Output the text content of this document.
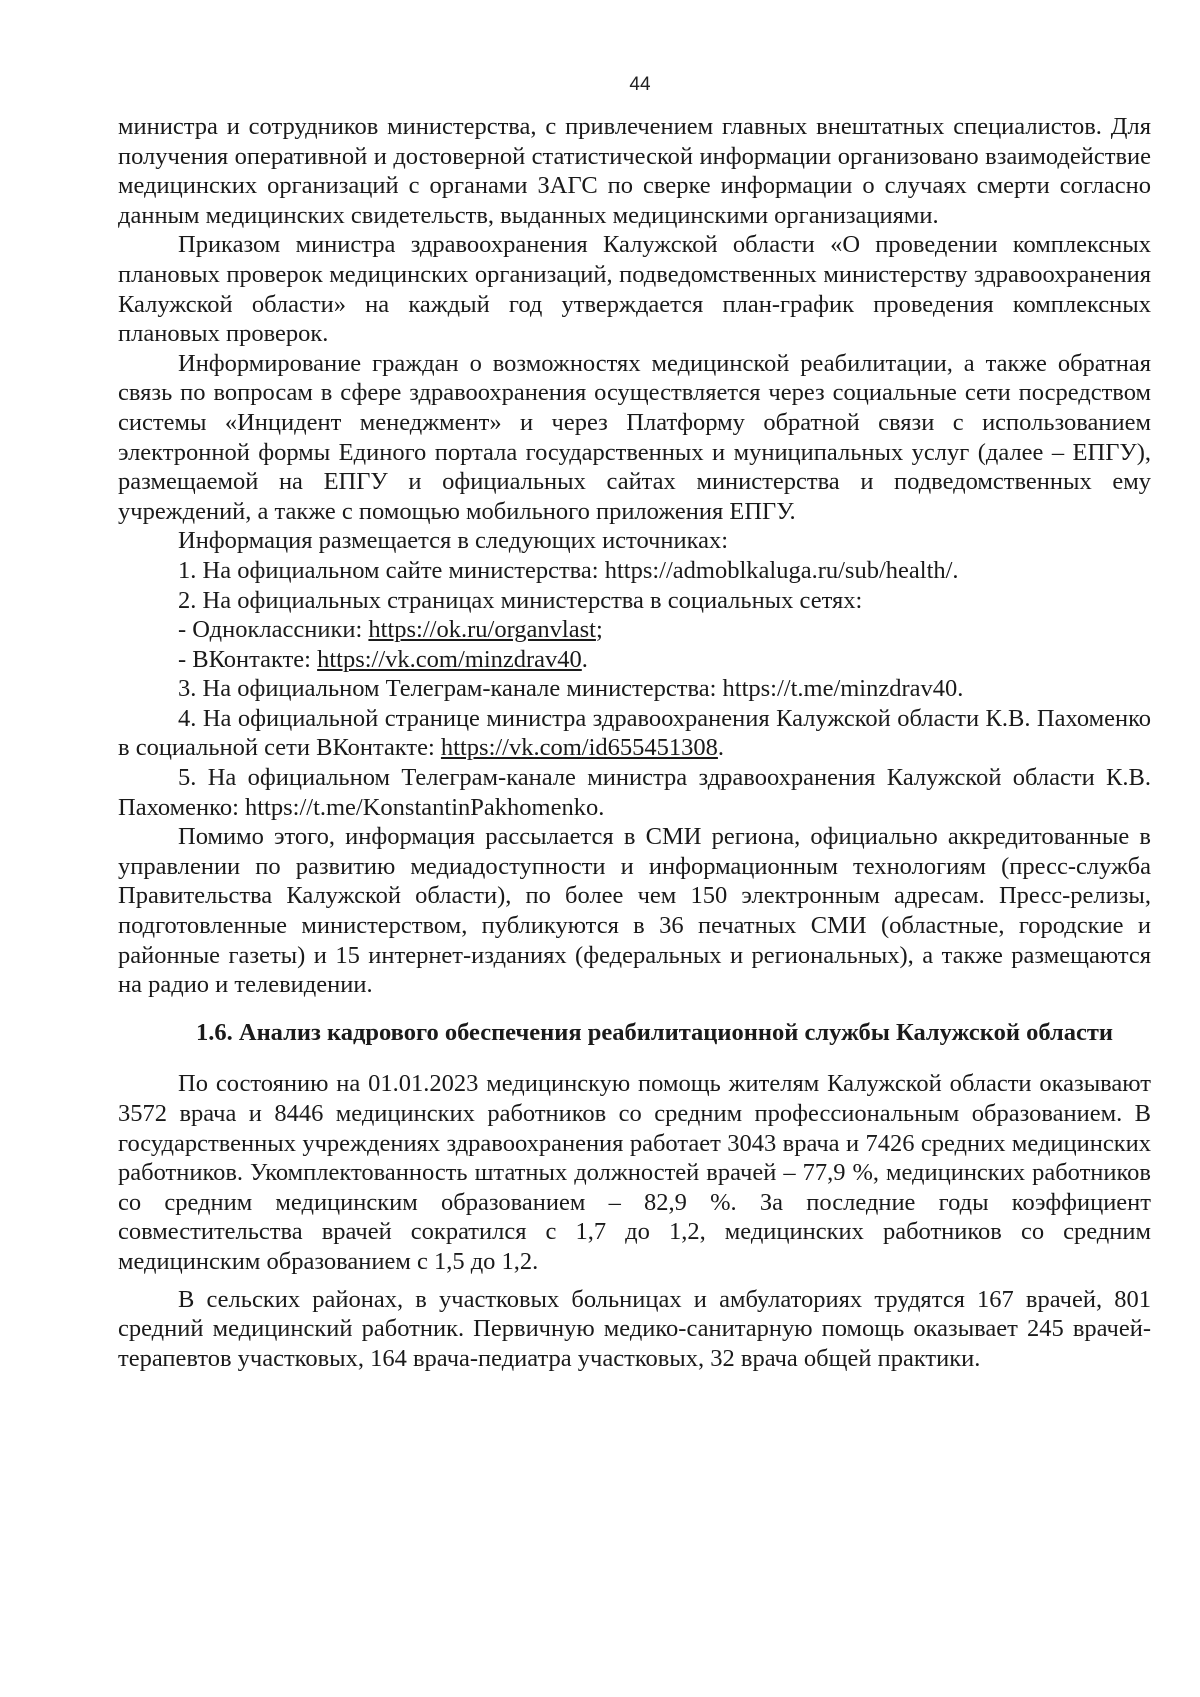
44

министра и сотрудников министерства, с привлечением главных внештатных специалистов. Для получения оперативной и достоверной статистической информации организовано взаимодействие медицинских организаций с органами ЗАГС по сверке информации о случаях смерти согласно данным медицинских свидетельств, выданных медицинскими организациями.

Приказом министра здравоохранения Калужской области «О проведении комплексных плановых проверок медицинских организаций, подведомственных министерству здравоохранения Калужской области» на каждый год утверждается план-график проведения комплексных плановых проверок.

Информирование граждан о возможностях медицинской реабилитации, а также обратная связь по вопросам в сфере здравоохранения осуществляется через социальные сети посредством системы «Инцидент менеджмент» и через Платформу обратной связи с использованием электронной формы Единого портала государственных и муниципальных услуг (далее – ЕПГУ), размещаемой на ЕПГУ и официальных сайтах министерства и подведомственных ему учреждений, а также с помощью мобильного приложения ЕПГУ.

Информация размещается в следующих источниках:

1. На официальном сайте министерства: https://admoblkaluga.ru/sub/health/.

2. На официальных страницах министерства в социальных сетях:

- Одноклассники: https://ok.ru/organvlast;

- ВКонтакте: https://vk.com/minzdrav40.

3. На официальном Телеграм-канале министерства: https://t.me/minzdrav40.

4. На официальной странице министра здравоохранения Калужской области К.В. Пахоменко в социальной сети ВКонтакте: https://vk.com/id655451308.

5. На официальном Телеграм-канале министра здравоохранения Калужской области К.В. Пахоменко: https://t.me/KonstantinPakhomenko.

Помимо этого, информация рассылается в СМИ региона, официально аккредитованные в управлении по развитию медиадоступности и информационным технологиям (пресс-служба Правительства Калужской области), по более чем 150 электронным адресам. Пресс-релизы, подготовленные министерством, публикуются в 36 печатных СМИ (областные, городские и районные газеты) и 15 интернет-изданиях (федеральных и региональных), а также размещаются на радио и телевидении.

1.6. Анализ кадрового обеспечения реабилитационной службы Калужской области

По состоянию на 01.01.2023 медицинскую помощь жителям Калужской области оказывают 3572 врача и 8446 медицинских работников со средним профессиональным образованием. В государственных учреждениях здравоохранения работает 3043 врача и 7426 средних медицинских работников. Укомплектованность штатных должностей врачей – 77,9 %, медицинских работников со средним медицинским образованием – 82,9 %. За последние годы коэффициент совместительства врачей сократился с 1,7 до 1,2, медицинских работников со средним медицинским образованием с 1,5 до 1,2.

В сельских районах, в участковых больницах и амбулаториях трудятся 167 врачей, 801 средний медицинский работник. Первичную медико-санитарную помощь оказывает 245 врачей-терапевтов участковых, 164 врача-педиатра участковых, 32 врача общей практики.
